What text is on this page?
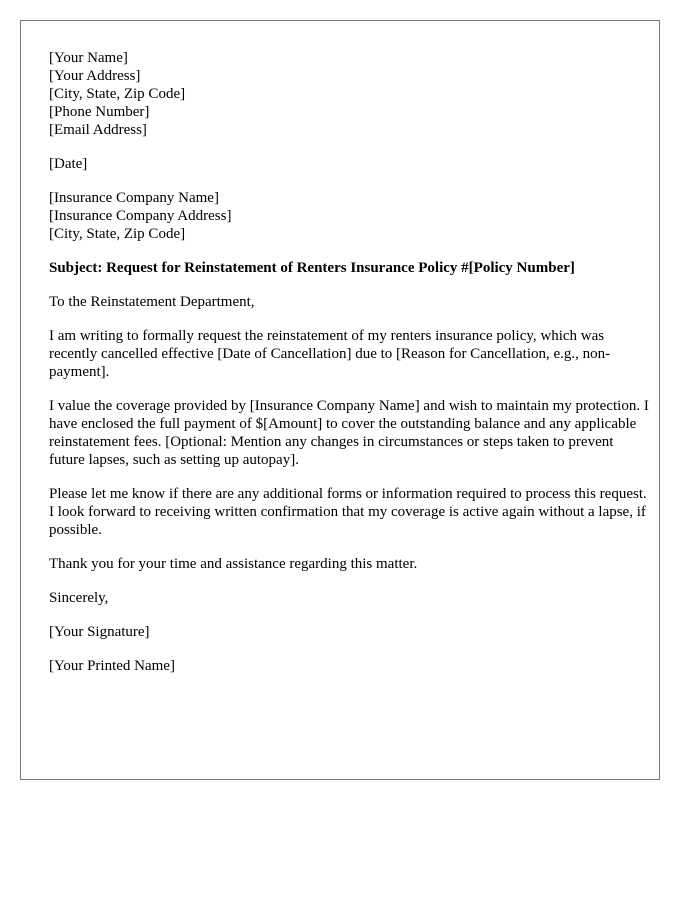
[Your Name]
[Your Address]
[City, State, Zip Code]
[Phone Number]
[Email Address]
[Date]
[Insurance Company Name]
[Insurance Company Address]
[City, State, Zip Code]

Subject: Request for Reinstatement of Renters Insurance Policy #[Policy Number]

To the Reinstatement Department,

I am writing to formally request the reinstatement of my renters insurance policy, which was recently cancelled effective [Date of Cancellation] due to [Reason for Cancellation, e.g., non-payment].

I value the coverage provided by [Insurance Company Name] and wish to maintain my protection. I have enclosed the full payment of $[Amount] to cover the outstanding balance and any applicable reinstatement fees. [Optional: Mention any changes in circumstances or steps taken to prevent future lapses, such as setting up autopay].

Please let me know if there are any additional forms or information required to process this request. I look forward to receiving written confirmation that my coverage is active again without a lapse, if possible.

Thank you for your time and assistance regarding this matter.

Sincerely,

[Your Signature]

[Your Printed Name]
